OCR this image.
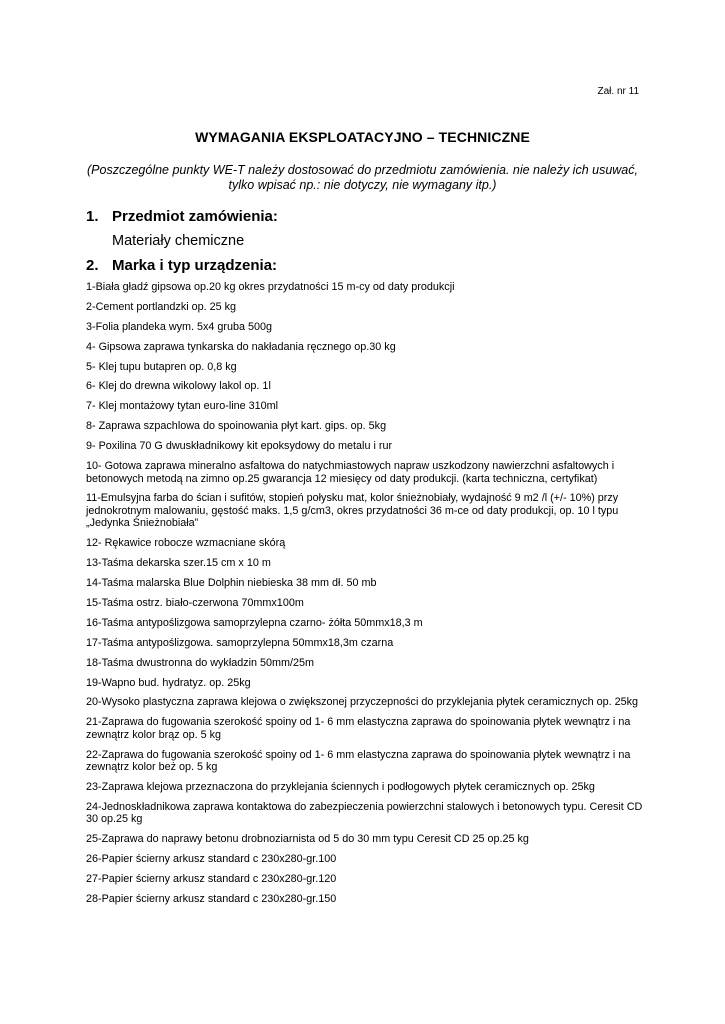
Zał. nr 11

WYMAGANIA EKSPLOATACYJNO – TECHNICZNE

(Poszczególne punkty WE-T należy dostosować do przedmiotu zamówienia. nie należy ich usuwać, tylko wpisać np.: nie dotyczy, nie wymagany itp.)

1. Przedmiot zamówienia:

Materiały chemiczne

2. Marka i typ urządzenia:
1-Biała gładź gipsowa op.20 kg okres przydatności 15 m-cy od daty produkcji
2-Cement portlandzki op. 25 kg
3-Folia plandeka wym. 5x4 gruba 500g
4- Gipsowa zaprawa tynkarska do nakładania ręcznego op.30 kg
5- Klej tupu butapren op. 0,8 kg
6- Klej do drewna wikolowy lakol op. 1l
7- Klej montażowy tytan euro-line 310ml
8- Zaprawa szpachlowa do spoinowania płyt kart. gips. op. 5kg
9- Poxilina 70 G dwuskładnikowy kit epoksydowy do metalu i rur
10- Gotowa zaprawa mineralno asfaltowa do natychmiastowych napraw uszkodzony nawierzchni asfaltowych i betonowych metodą na zimno op.25 gwarancja 12 miesięcy od daty produkcji. (karta techniczna, certyfikat)
11-Emulsyjna farba do ścian i sufitów, stopień połysku mat, kolor śnieżnobiały, wydajność 9 m2 /l (+/- 10%) przy jednokrotnym malowaniu, gęstość maks. 1,5 g/cm3, okres przydatności 36 m-ce od daty produkcji, op. 10 l typu „Jedynka Śnieżnobiała”
12- Rękawice robocze wzmacniane skórą
13-Taśma dekarska szer.15 cm x 10 m
14-Taśma malarska Blue Dolphin niebieska 38 mm dł. 50 mb
15-Taśma ostrz. biało-czerwona 70mmx100m
16-Taśma antypoślizgowa samoprzylepna czarno- żółta 50mmx18,3 m
17-Taśma antypoślizgowa. samoprzylepna 50mmx18,3m czarna
18-Taśma dwustronna do wykładzin 50mm/25m
19-Wapno bud. hydratyz. op. 25kg
20-Wysoko plastyczna zaprawa klejowa o zwiększonej przyczepności do przyklejania płytek ceramicznych op. 25kg
21-Zaprawa do fugowania szerokość spoiny od 1- 6 mm elastyczna zaprawa do spoinowania płytek wewnątrz i na zewnątrz kolor brąz op. 5 kg
22-Zaprawa do fugowania szerokość spoiny od 1- 6 mm elastyczna zaprawa do spoinowania płytek wewnątrz i na zewnątrz kolor beż op. 5 kg
23-Zaprawa klejowa przeznaczona do przyklejania ściennych i podłogowych płytek ceramicznych op. 25kg
24-Jednoskładnikowa zaprawa kontaktowa do zabezpieczenia powierzchni stalowych i betonowych typu. Ceresit CD 30 op.25 kg
25-Zaprawa do naprawy betonu drobnoziarnista od 5 do 30 mm typu Ceresit CD 25 op.25 kg
26-Papier ścierny arkusz standard c 230x280-gr.100
27-Papier ścierny arkusz standard c 230x280-gr.120
28-Papier ścierny arkusz standard c 230x280-gr.150
